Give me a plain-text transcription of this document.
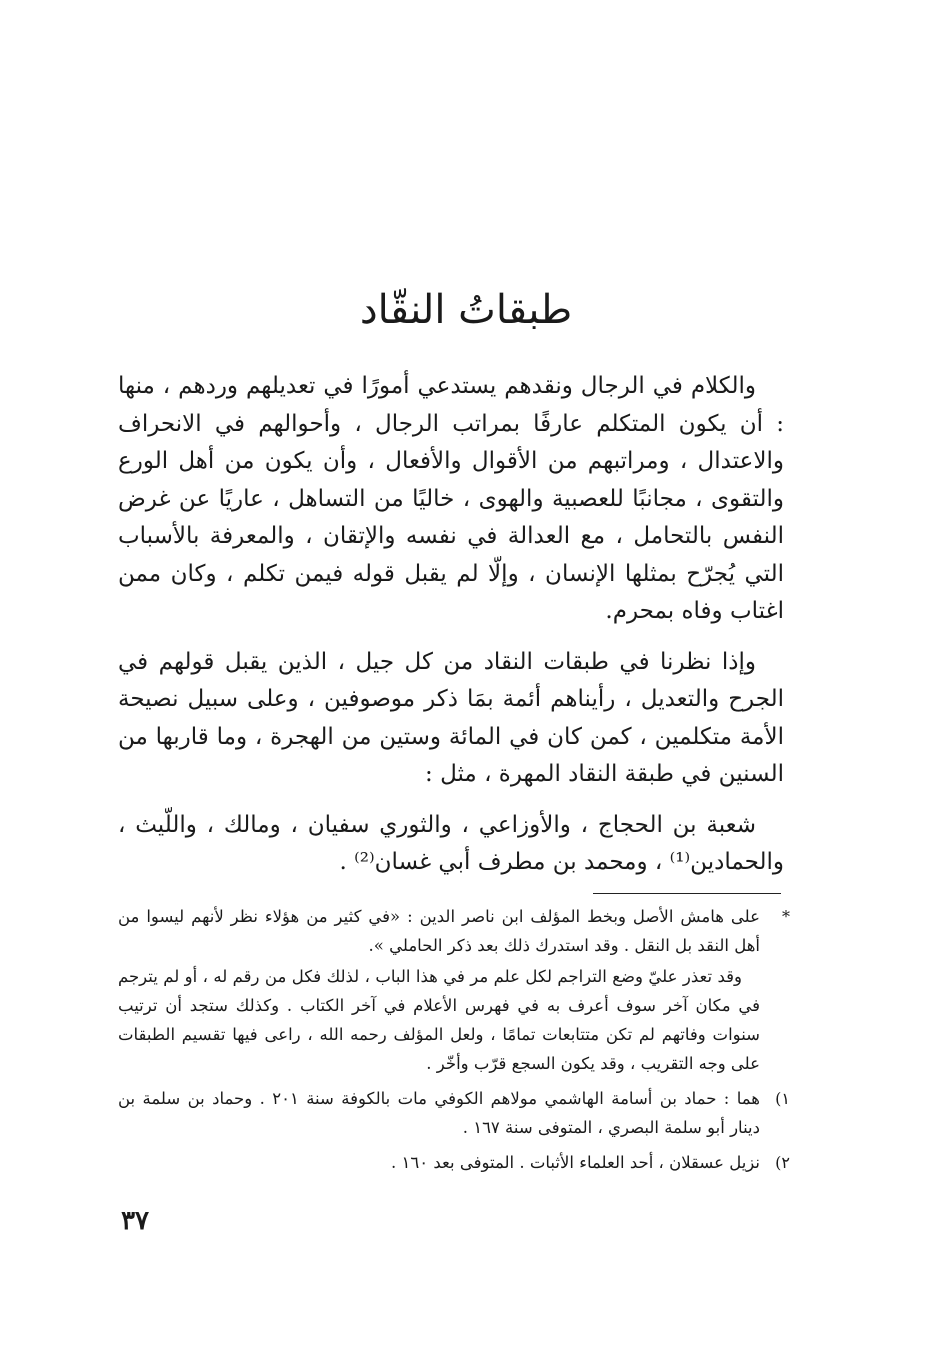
طبقاتُ النقّاد

والكلام في الرجال ونقدهم يستدعي أمورًا في تعديلهم وردهم ، منها : أن يكون المتكلم عارفًا بمراتب الرجال ، وأحوالهم في الانحراف والاعتدال ، ومراتبهم من الأقوال والأفعال ، وأن يكون من أهل الورع والتقوى ، مجانبًا للعصبية والهوى ، خاليًا من التساهل ، عاريًا عن غرض النفس بالتحامل ، مع العدالة في نفسه والإتقان ، والمعرفة بالأسباب التي يُجرّح بمثلها الإنسان ، وإلّا لم يقبل قوله فيمن تكلم ، وكان ممن اغتاب وفاه بمحرم.

وإذا نظرنا في طبقات النقاد من كل جيل ، الذين يقبل قولهم في الجرح والتعديل ، رأيناهم أئمة بمَا ذكر موصوفين ، وعلى سبيل نصيحة الأمة متكلمين ، كمن كان في المائة وستين من الهجرة ، وما قاربها من السنين في طبقة النقاد المهرة ، مثل :

شعبة بن الحجاج ، والأوزاعي ، والثوري سفيان ، ومالك ، واللّيث ، والحمادين⁽¹⁾ ، ومحمد بن مطرف أبي غسان⁽²⁾ .

*

على هامش الأصل وبخط المؤلف ابن ناصر الدين : «في كثير من هؤلاء نظر لأنهم ليسوا من أهل النقد بل النقل . وقد استدرك ذلك بعد ذكر الحاملي ».

وقد تعذر عليّ وضع التراجم لكل علم مر في هذا الباب ، لذلك فكل من رقم له ، أو لم يترجم في مكان آخر سوف أعرف به في فهرس الأعلام في آخر الكتاب . وكذلك ستجد أن ترتيب سنوات وفاتهم لم تكن متتابعات تمامًا ، ولعل المؤلف رحمه الله ، راعى فيها تقسيم الطبقات على وجه التقريب ، وقد يكون السجع قرّب وأخّر .

١)

هما : حماد بن أسامة الهاشمي مولاهم الكوفي مات بالكوفة سنة ٢٠١ . وحماد بن سلمة بن دينار أبو سلمة البصري ، المتوفى سنة ١٦٧ .

٢)

نزيل عسقلان ، أحد العلماء الأثبات . المتوفى بعد ١٦٠ .

٣٧
